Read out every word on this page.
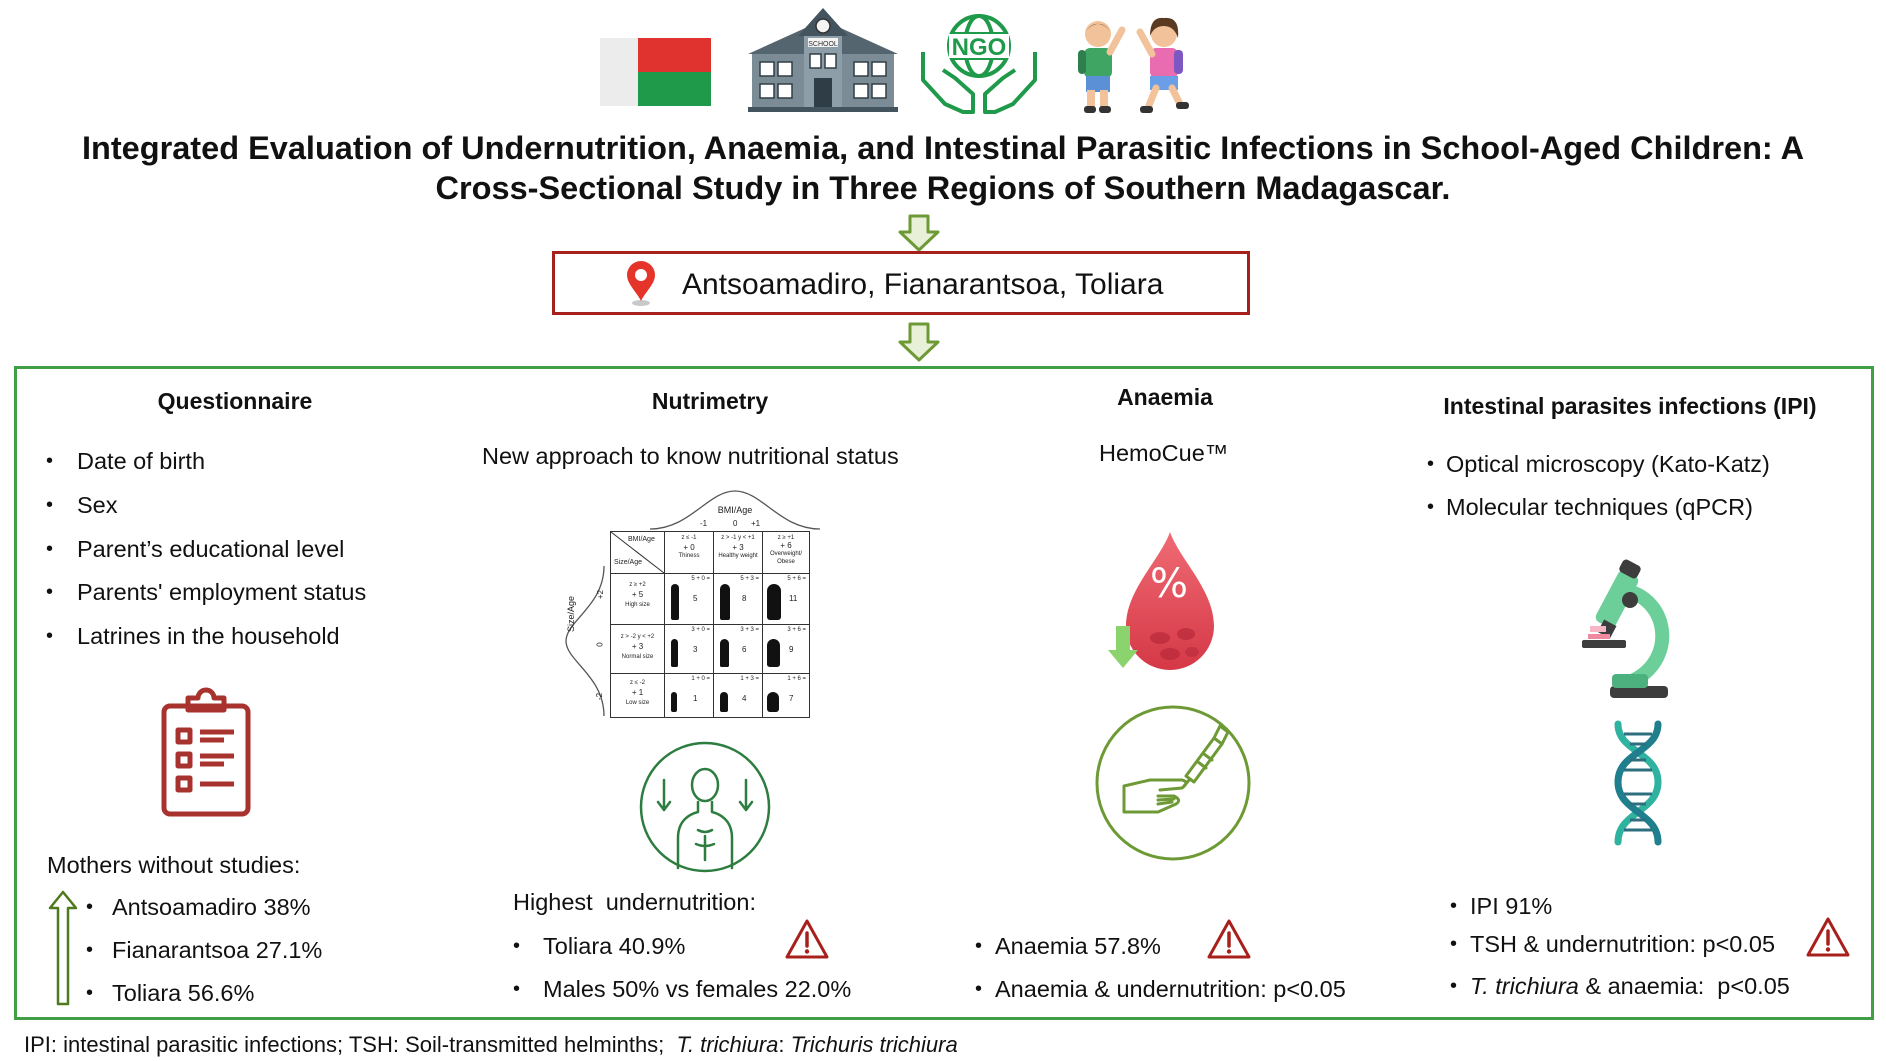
SCHOOL	NGO
Integrated Evaluation of Undernutrition, Anaemia, and Intestinal Parasitic Infections in School-Aged Children: A Cross-Sectional Study in Three Regions of Southern Madagascar.
Antsoamadiro, Fianarantsoa, Toliara
Questionnaire
•
•
•
•
•
Date of birth
Sex
Parent’s educational level
Parents' employment status
Latrines in the household
Mothers without studies:
•
•
•
Antsoamadiro 38%
Fianarantsoa 27.1%
Toliara 56.6%
Nutrimetry
New approach to know nutritional status
BMI/Age
-1	0 +1
Size/Age
+2
0
-2
BMI/Age
Size/Age
z ≤ -1
+ 0
Thiness
z > -1 y < +1
+ 3
Healthy weight
z ≥ +1
+ 6
Overweight/ Obese
z ≥ +2
+ 5
High size
z > -2 y < +2
+ 3
Normal size
z ≤ -2
+ 1
Low size
5 + 0 =
5
5 + 3 =
8
5 + 6 =
11
3 + 0 =
3
3 + 3 =
6
3 + 6 =
9
1 + 0 =
1
1 + 3 =
4
1 + 6 =
7
Highest  undernutrition:
•
•
Toliara 40.9%
Males 50% vs females 22.0%
Anaemia
HemoCue™
%
•
•
Anaemia 57.8%
Anaemia & undernutrition: p<0.05
Intestinal parasites infections (IPI)
•
•
Optical microscopy (Kato-Katz)
Molecular techniques (qPCR)
•
•
•
IPI 91%
TSH & undernutrition: p<0.05
T. trichiura & anaemia:  p<0.05
IPI: intestinal parasitic infections; TSH: Soil-transmitted helminths;  T. trichiura: Trichuris trichiura
